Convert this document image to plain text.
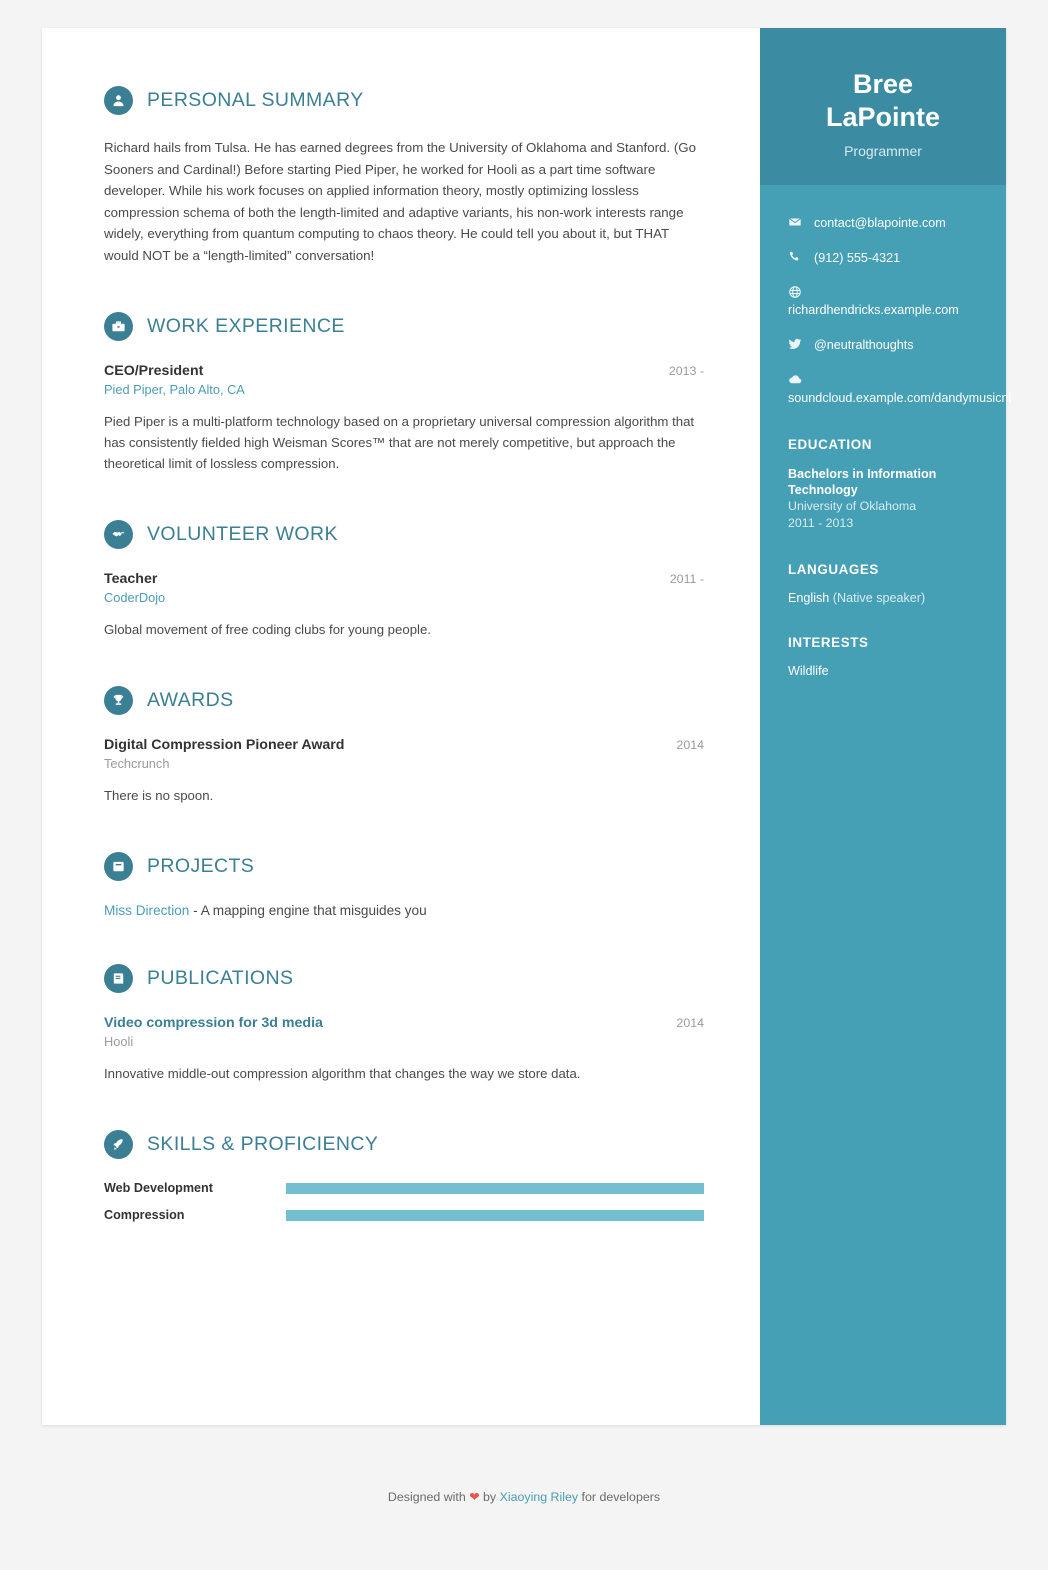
PERSONAL SUMMARY
Richard hails from Tulsa. He has earned degrees from the University of Oklahoma and Stanford. (Go Sooners and Cardinal!) Before starting Pied Piper, he worked for Hooli as a part time software developer. While his work focuses on applied information theory, mostly optimizing lossless compression schema of both the length-limited and adaptive variants, his non-work interests range widely, everything from quantum computing to chaos theory. He could tell you about it, but THAT would NOT be a “length-limited” conversation!
WORK EXPERIENCE
CEO/President	2013 -
Pied Piper, Palo Alto, CA
Pied Piper is a multi-platform technology based on a proprietary universal compression algorithm that has consistently fielded high Weisman Scores™ that are not merely competitive, but approach the theoretical limit of lossless compression.
VOLUNTEER WORK
Teacher	2011 -
CoderDojo
Global movement of free coding clubs for young people.
AWARDS
Digital Compression Pioneer Award	2014
Techcrunch
There is no spoon.
PROJECTS
Miss Direction - A mapping engine that misguides you
PUBLICATIONS
Video compression for 3d media	2014
Hooli
Innovative middle-out compression algorithm that changes the way we store data.
SKILLS & PROFICIENCY
Web Development
Compression
Bree
LaPointe
Programmer
contact@blapointe.com
(912) 555-4321
richardhendricks.example.com
@neutralthoughts
soundcloud.example.com/dandymusicnl
EDUCATION
Bachelors in Information Technology
University of Oklahoma
2011 - 2013
LANGUAGES
English (Native speaker)
INTERESTS
Wildlife
Designed with ❤ by Xiaoying Riley for developers
